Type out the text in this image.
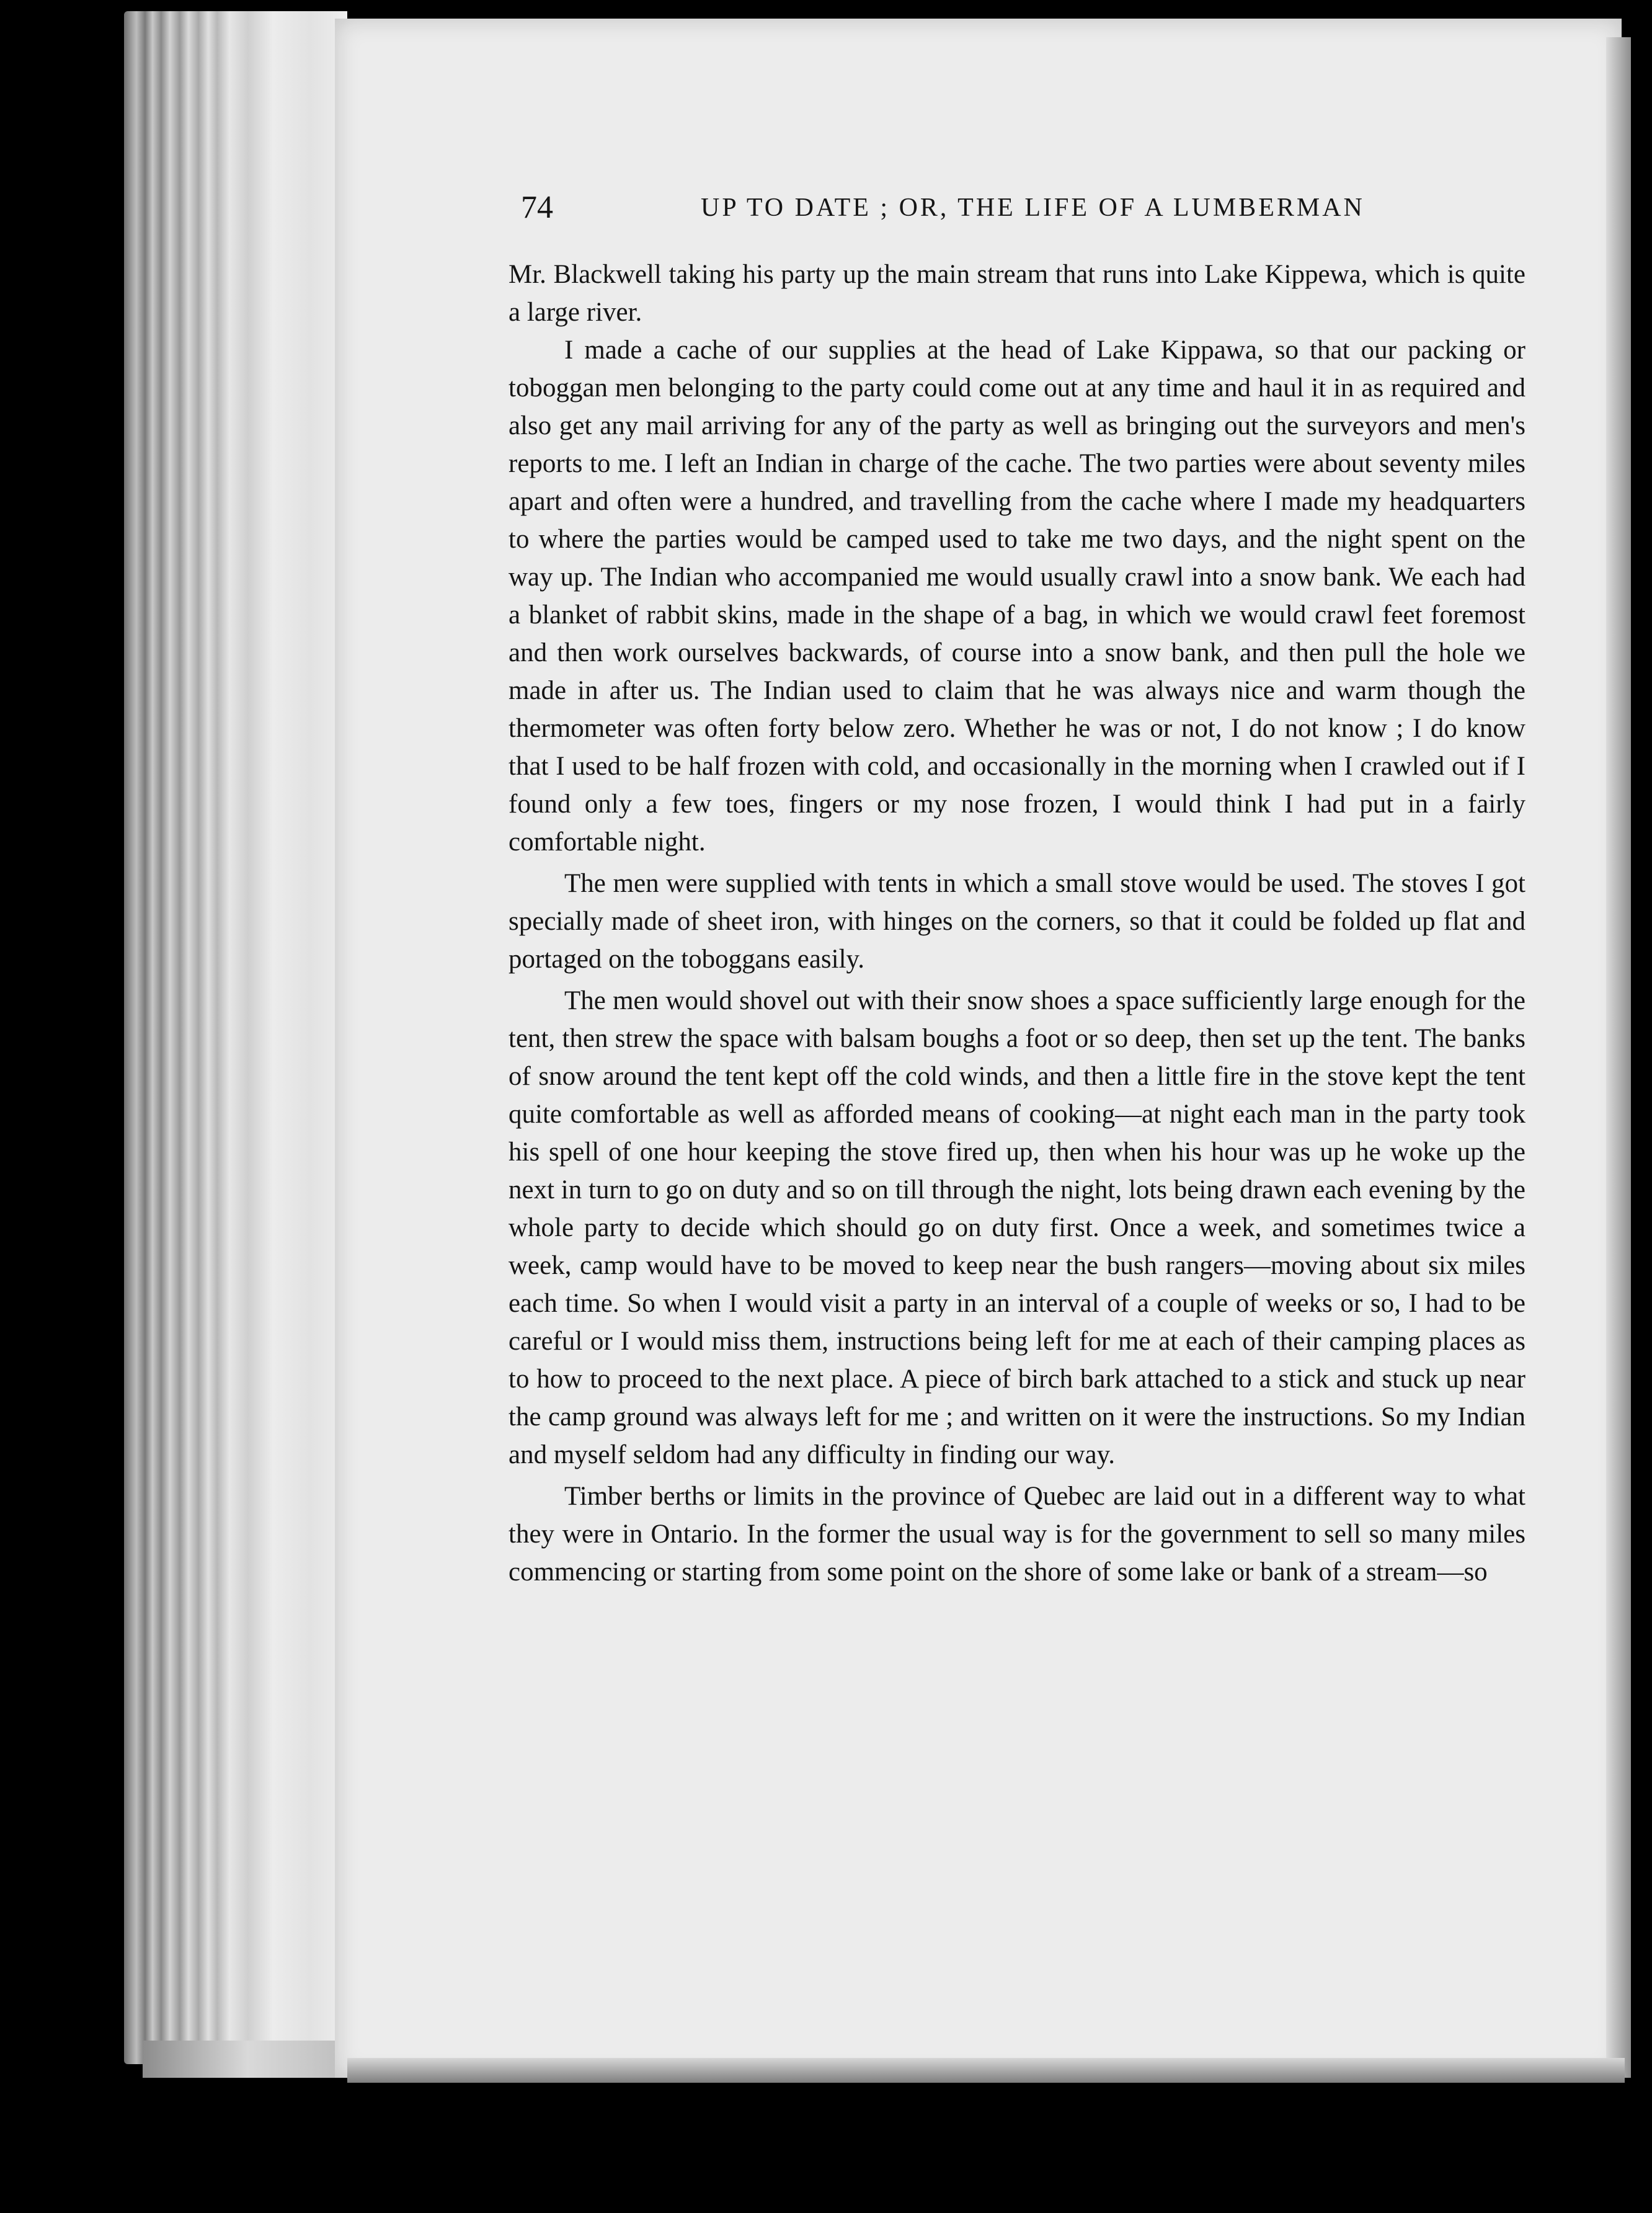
74	UP TO DATE ; OR, THE LIFE OF A LUMBERMAN

Mr. Blackwell taking his party up the main stream that runs into Lake Kippewa, which is quite a large river.

I made a cache of our supplies at the head of Lake Kippawa, so that our packing or toboggan men belonging to the party could come out at any time and haul it in as required and also get any mail arriving for any of the party as well as bringing out the surveyors and men's reports to me. I left an Indian in charge of the cache. The two parties were about seventy miles apart and often were a hundred, and travelling from the cache where I made my headquarters to where the parties would be camped used to take me two days, and the night spent on the way up. The Indian who accompanied me would usually crawl into a snow bank. We each had a blanket of rabbit skins, made in the shape of a bag, in which we would crawl feet foremost and then work ourselves backwards, of course into a snow bank, and then pull the hole we made in after us. The Indian used to claim that he was always nice and warm though the thermometer was often forty below zero. Whether he was or not, I do not know ; I do know that I used to be half frozen with cold, and occasionally in the morning when I crawled out if I found only a few toes, fingers or my nose frozen, I would think I had put in a fairly comfortable night.

The men were supplied with tents in which a small stove would be used. The stoves I got specially made of sheet iron, with hinges on the corners, so that it could be folded up flat and portaged on the toboggans easily.

The men would shovel out with their snow shoes a space sufficiently large enough for the tent, then strew the space with balsam boughs a foot or so deep, then set up the tent. The banks of snow around the tent kept off the cold winds, and then a little fire in the stove kept the tent quite comfortable as well as afforded means of cooking—at night each man in the party took his spell of one hour keeping the stove fired up, then when his hour was up he woke up the next in turn to go on duty and so on till through the night, lots being drawn each evening by the whole party to decide which should go on duty first. Once a week, and sometimes twice a week, camp would have to be moved to keep near the bush rangers—moving about six miles each time. So when I would visit a party in an interval of a couple of weeks or so, I had to be careful or I would miss them, instructions being left for me at each of their camping places as to how to proceed to the next place. A piece of birch bark attached to a stick and stuck up near the camp ground was always left for me ; and written on it were the instructions. So my Indian and myself seldom had any difficulty in finding our way.

Timber berths or limits in the province of Quebec are laid out in a different way to what they were in Ontario. In the former the usual way is for the government to sell so many miles commencing or starting from some point on the shore of some lake or bank of a stream—so
